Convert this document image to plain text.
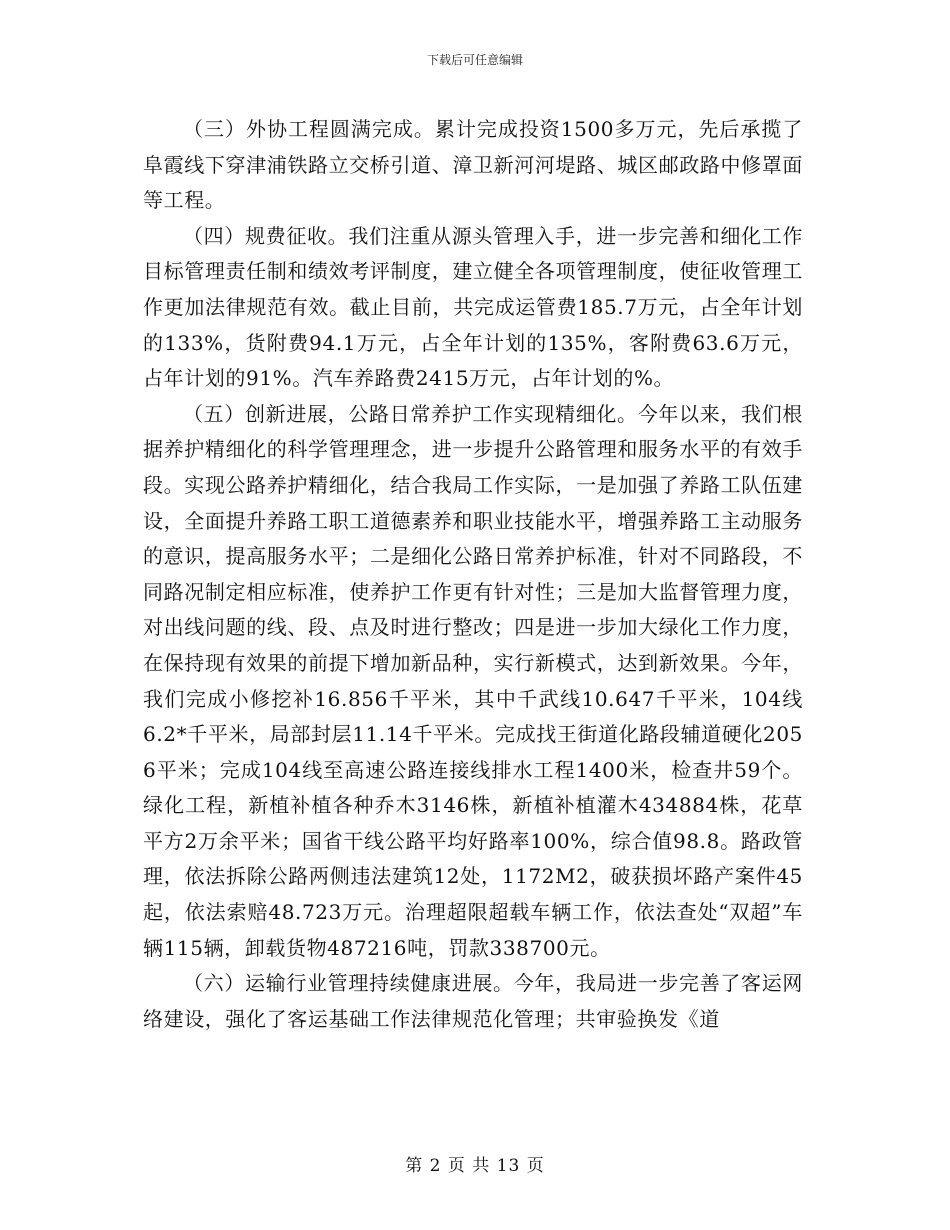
下载后可任意编辑

（三）外协工程圆满完成。累计完成投资1500多万元，先后承揽了阜霞线下穿津浦铁路立交桥引道、漳卫新河河堤路、城区邮政路中修罩面等工程。

（四）规费征收。我们注重从源头管理入手，进一步完善和细化工作目标管理责任制和绩效考评制度，建立健全各项管理制度，使征收管理工作更加法律规范有效。截止目前，共完成运管费185.7万元，占全年计划的133%，货附费94.1万元，占全年计划的135%，客附费63.6万元，占年计划的91%。汽车养路费2415万元，占年计划的%。

（五）创新进展，公路日常养护工作实现精细化。今年以来，我们根据养护精细化的科学管理理念，进一步提升公路管理和服务水平的有效手段。实现公路养护精细化，结合我局工作实际，一是加强了养路工队伍建设，全面提升养路工职工道德素养和职业技能水平，增强养路工主动服务的意识，提高服务水平；二是细化公路日常养护标准，针对不同路段，不同路况制定相应标准，使养护工作更有针对性；三是加大监督管理力度，对出线问题的线、段、点及时进行整改；四是进一步加大绿化工作力度，在保持现有效果的前提下增加新品种，实行新模式，达到新效果。今年，我们完成小修挖补16.856千平米，其中千武线10.647千平米，104线6.2*千平米，局部封层11.14千平米。完成找王街道化路段辅道硬化2056平米；完成104线至高速公路连接线排水工程1400米，检查井59个。绿化工程，新植补植各种乔木3146株，新植补植灌木434884株，花草平方2万余平米；国省干线公路平均好路率100%，综合值98.8。路政管理，依法拆除公路两侧违法建筑12处，1172M2，破获损坏路产案件45起，依法索赔48.723万元。治理超限超载车辆工作，依法查处“双超”车辆115辆，卸载货物487216吨，罚款338700元。

（六）运输行业管理持续健康进展。今年，我局进一步完善了客运网络建设，强化了客运基础工作法律规范化管理；共审验换发《道

第 2 页 共 13 页
